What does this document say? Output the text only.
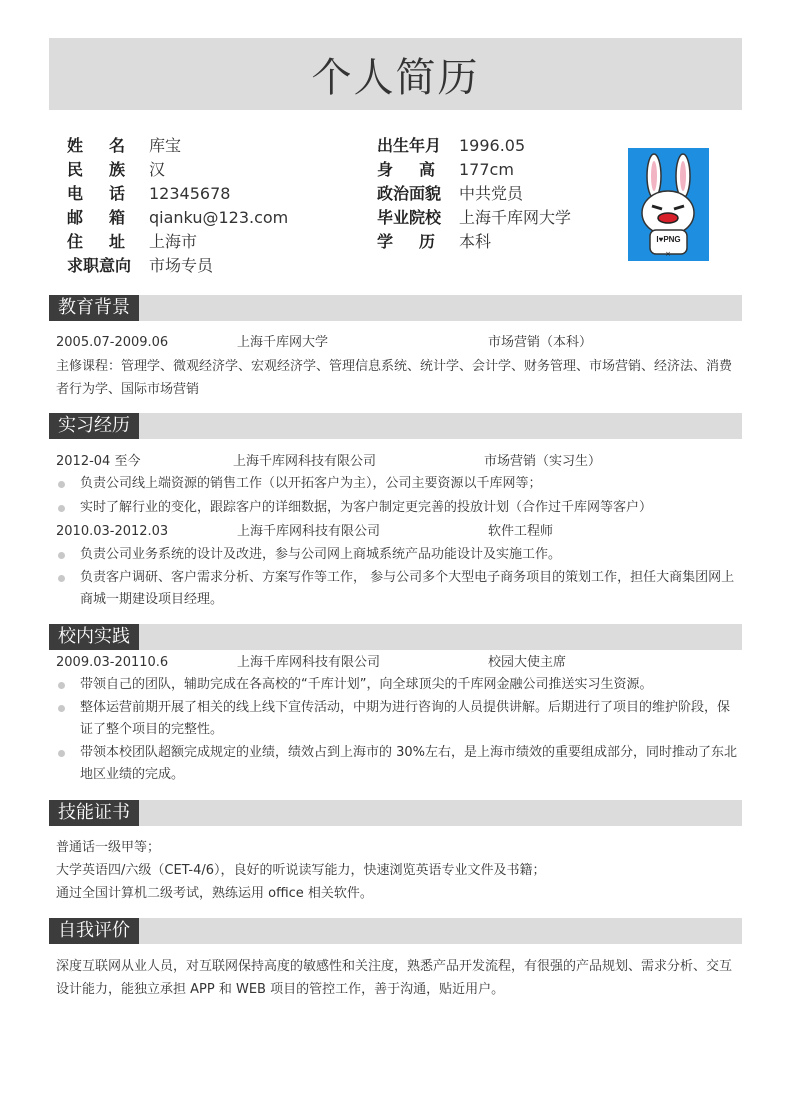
个人简历
姓　名 库宝
民　族 汉
电　话 12345678
邮　箱 qianku@123.com
住　址 上海市
求职意向 市场专员
出生年月 1996.05
身　高 177cm
政治面貌 中共党员
毕业院校 上海千库网大学
学　历 本科	I♥PNG
×
教育背景
2005.07-2009.06	上海千库网大学	市场营销（本科）
主修课程：管理学、微观经济学、宏观经济学、管理信息系统、统计学、会计学、财务管理、市场营销、经济法、消费者行为学、国际市场营销
实习经历
2012-04 至今	上海千库网科技有限公司	市场营销（实习生）
负责公司线上端资源的销售工作（以开拓客户为主），公司主要资源以千库网等；
实时了解行业的变化，跟踪客户的详细数据，为客户制定更完善的投放计划（合作过千库网等客户）
2010.03-2012.03	上海千库网科技有限公司	软件工程师
负责公司业务系统的设计及改进，参与公司网上商城系统产品功能设计及实施工作。
负责客户调研、客户需求分析、方案写作等工作， 参与公司多个大型电子商务项目的策划工作，担任大商集团网上商城一期建设项目经理。
校内实践
2009.03-20110.6	上海千库网科技有限公司	校园大使主席
带领自己的团队，辅助完成在各高校的“千库计划”，向全球顶尖的千库网金融公司推送实习生资源。
整体运营前期开展了相关的线上线下宣传活动，中期为进行咨询的人员提供讲解。后期进行了项目的维护阶段，保证了整个项目的完整性。
带领本校团队超额完成规定的业绩，绩效占到上海市的 30%左右，是上海市绩效的重要组成部分，同时推动了东北地区业绩的完成。
技能证书
普通话一级甲等；
大学英语四/六级（CET-4/6），良好的听说读写能力，快速浏览英语专业文件及书籍；
通过全国计算机二级考试，熟练运用 office 相关软件。
自我评价
深度互联网从业人员，对互联网保持高度的敏感性和关注度，熟悉产品开发流程，有很强的产品规划、需求分析、交互设计能力，能独立承担 APP 和 WEB 项目的管控工作，善于沟通，贴近用户。
